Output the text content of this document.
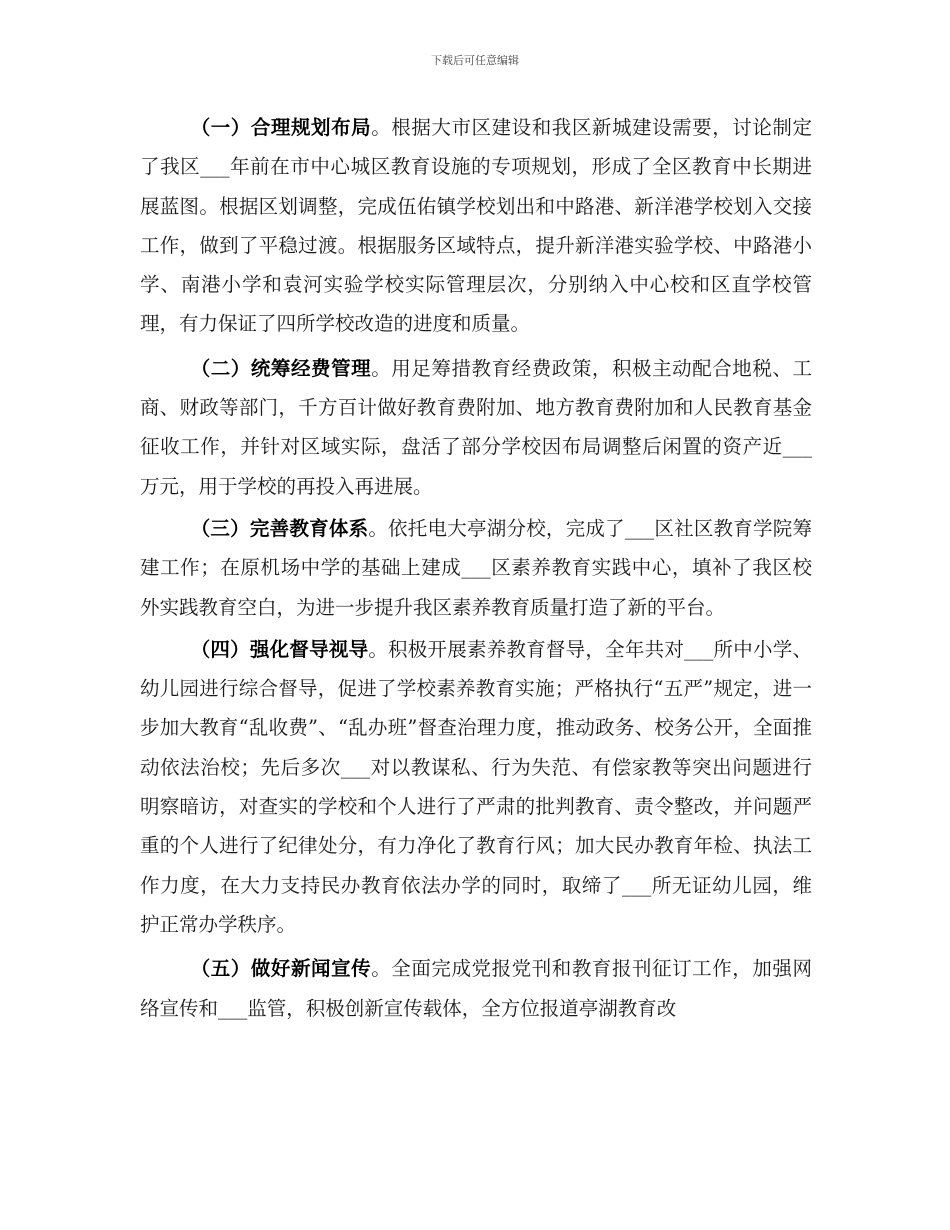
下载后可任意编辑

（一）合理规划布局。根据大市区建设和我区新城建设需要，讨论制定了我区___年前在市中心城区教育设施的专项规划，形成了全区教育中长期进展蓝图。根据区划调整，完成伍佑镇学校划出和中路港、新洋港学校划入交接工作，做到了平稳过渡。根据服务区域特点，提升新洋港实验学校、中路港小学、南港小学和袁河实验学校实际管理层次，分别纳入中心校和区直学校管理，有力保证了四所学校改造的进度和质量。

（二）统筹经费管理。用足筹措教育经费政策，积极主动配合地税、工商、财政等部门，千方百计做好教育费附加、地方教育费附加和人民教育基金征收工作，并针对区域实际，盘活了部分学校因布局调整后闲置的资产近___万元，用于学校的再投入再进展。

（三）完善教育体系。依托电大亭湖分校，完成了___区社区教育学院筹建工作；在原机场中学的基础上建成___区素养教育实践中心，填补了我区校外实践教育空白，为进一步提升我区素养教育质量打造了新的平台。

（四）强化督导视导。积极开展素养教育督导，全年共对___所中小学、幼儿园进行综合督导，促进了学校素养教育实施；严格执行“五严”规定，进一步加大教育“乱收费”、“乱办班”督查治理力度，推动政务、校务公开，全面推动依法治校；先后多次___对以教谋私、行为失范、有偿家教等突出问题进行明察暗访，对查实的学校和个人进行了严肃的批判教育、责令整改，并问题严重的个人进行了纪律处分，有力净化了教育行风；加大民办教育年检、执法工作力度，在大力支持民办教育依法办学的同时，取缔了___所无证幼儿园，维护正常办学秩序。

（五）做好新闻宣传。全面完成党报党刊和教育报刊征订工作，加强网络宣传和___监管，积极创新宣传载体，全方位报道亭湖教育改
